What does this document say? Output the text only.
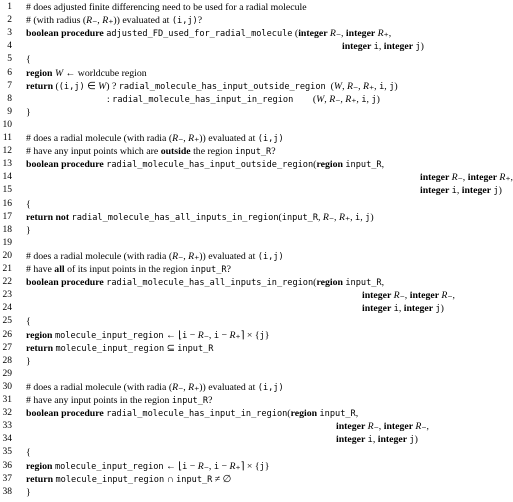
1 # does adjusted finite differencing need to be used for a radial molecule
2 # (with radius (R₋, R₊)) evaluated at (i,j)?
3 boolean procedure adjusted_FD_used_for_radial_molecule (integer R₋, integer R₊,
4	integer i, integer j)
5 {
6 region W ← worldcube region
7 return ((i,j) ∈ W) ? radial_molecule_has_input_outside_region  (W, R₋, R₊, i, j)
8	: radial_molecule_has_input_in_region        (W, R₋, R₊, i, j)
9 }
10
11 # does a radial molecule (with radia (R₋, R₊)) evaluated at (i,j)
12 # have any input points which are outside the region input_R?
13 boolean procedure radial_molecule_has_input_outside_region(region input_R,
14	integer R₋, integer R₊,
15	integer i, integer j)
16 {
17 return not radial_molecule_has_all_inputs_in_region(input_R, R₋, R₊, i, j)
18 }
19
20 # does a radial molecule (with radia (R₋, R₊)) evaluated at (i,j)
21 # have all of its input points in the region input_R?
22 boolean procedure radial_molecule_has_all_inputs_in_region(region input_R,
23	integer R₋, integer R₋,
24	integer i, integer j)
25 {
26 region molecule_input_region ← ⌊i − R₋, i − R₊⌉ × {j}
27 return molecule_input_region ⊆ input_R
28 }
29
30 # does a radial molecule (with radia (R₋, R₊)) evaluated at (i,j)
31 # have any input points in the region input_R?
32 boolean procedure radial_molecule_has_input_in_region(region input_R,
33	integer R₋, integer R₋,
34	integer i, integer j)
35 {
36 region molecule_input_region ← ⌊i − R₋, i − R₊⌉ × {j}
37 return molecule_input_region ∩ input_R ≠ ∅
38 }
